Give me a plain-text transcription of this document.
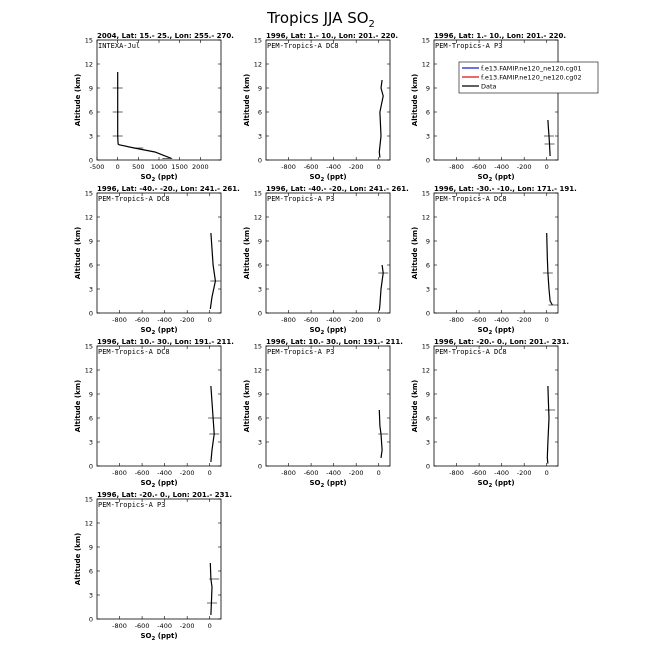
Tropics JJA $SO_2$
2004, Lat: 15.- 25., Lon: 255.- 270.
INTEXA-Jul
0
3
6
9
12
15
-500 0 500 1000 1500 2000
$SO_2$ (ppt)
Altitude (km)
1996, Lat: 1.- 10., Lon: 201.- 220.
PEM-Tropics-A DC8
0
3
6
9
12
15
-800 -600 -400 -200 0
$SO_2$ (ppt)
Altitude (km)
1996, Lat: 1.- 10., Lon: 201.- 220.
PEM-Tropics-A P3
0
3
6
9
12
15
-800 -600 -400 -200 0
$SO_2$ (ppt)
Altitude (km)
1996, Lat: -40.- -20., Lon: 241.- 261.
PEM-Tropics-A DC8
0
3
6
9
12
15
-800 -600 -400 -200 0
$SO_2$ (ppt)
Altitude (km)
1996, Lat: -40.- -20., Lon: 241.- 261.
PEM-Tropics-A P3
0
3
6
9
12
15
-800 -600 -400 -200 0
$SO_2$ (ppt)
Altitude (km)
1996, Lat: -30.- -10., Lon: 171.- 191.
PEM-Tropics-A DC8
0
3
6
9
12
15
-800 -600 -400 -200 0
$SO_2$ (ppt)
Altitude (km)
1996, Lat: 10.- 30., Lon: 191.- 211.
PEM-Tropics-A DC8
0
3
6
9
12
15
-800 -600 -400 -200 0
$SO_2$ (ppt)
Altitude (km)
1996, Lat: 10.- 30., Lon: 191.- 211.
PEM-Tropics-A P3
0
3
6
9
12
15
-800 -600 -400 -200 0
$SO_2$ (ppt)
Altitude (km)
1996, Lat: -20.- 0., Lon: 201.- 231.
PEM-Tropics-A DC8
0
3
6
9
12
15
-800 -600 -400 -200 0
$SO_2$ (ppt)
Altitude (km)
1996, Lat: -20.- 0., Lon: 201.- 231.
PEM-Tropics-A P3
0
3
6
9
12
15
-800 -600 -400 -200 0
$SO_2$ (ppt)
Altitude (km)
f.e13.FAMIP.ne120_ne120.cg01
f.e13.FAMIP.ne120_ne120.cg02
Data
